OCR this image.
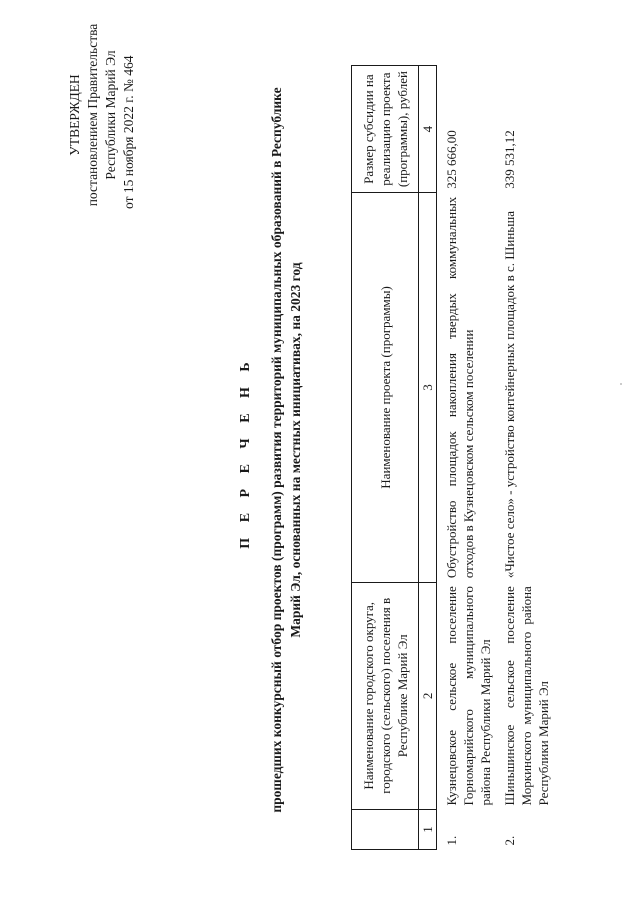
УТВЕРЖДЕН постановлением Правительства Республики Марий Эл от 15 ноября 2022 г. № 464
П Е Р Е Ч Е Н Ь прошедших конкурсный отбор проектов (программ) развития территорий муниципальных образований в Республике Марий Эл, основанных на местных инициативах, на 2023 год
	Наименование городского округа, городского (сельского) поселения в Республике Марий Эл	Наименование проекта (программы)	Размер субсидии на реализацию проекта (программы), рублей
1	2	3	4
1.	Кузнецовское сельское поселение Горномарийского муниципального района Республики Марий Эл	Обустройство площадок накопления твердых коммунальных отходов в Кузнецовском сельском поселении	325 666,00
2.	Шиньшинское сельское поселение Моркинского муниципального района Республики Марий Эл	«Чистое село» - устройство контейнерных площадок в с. Шиньша	339 531,12
